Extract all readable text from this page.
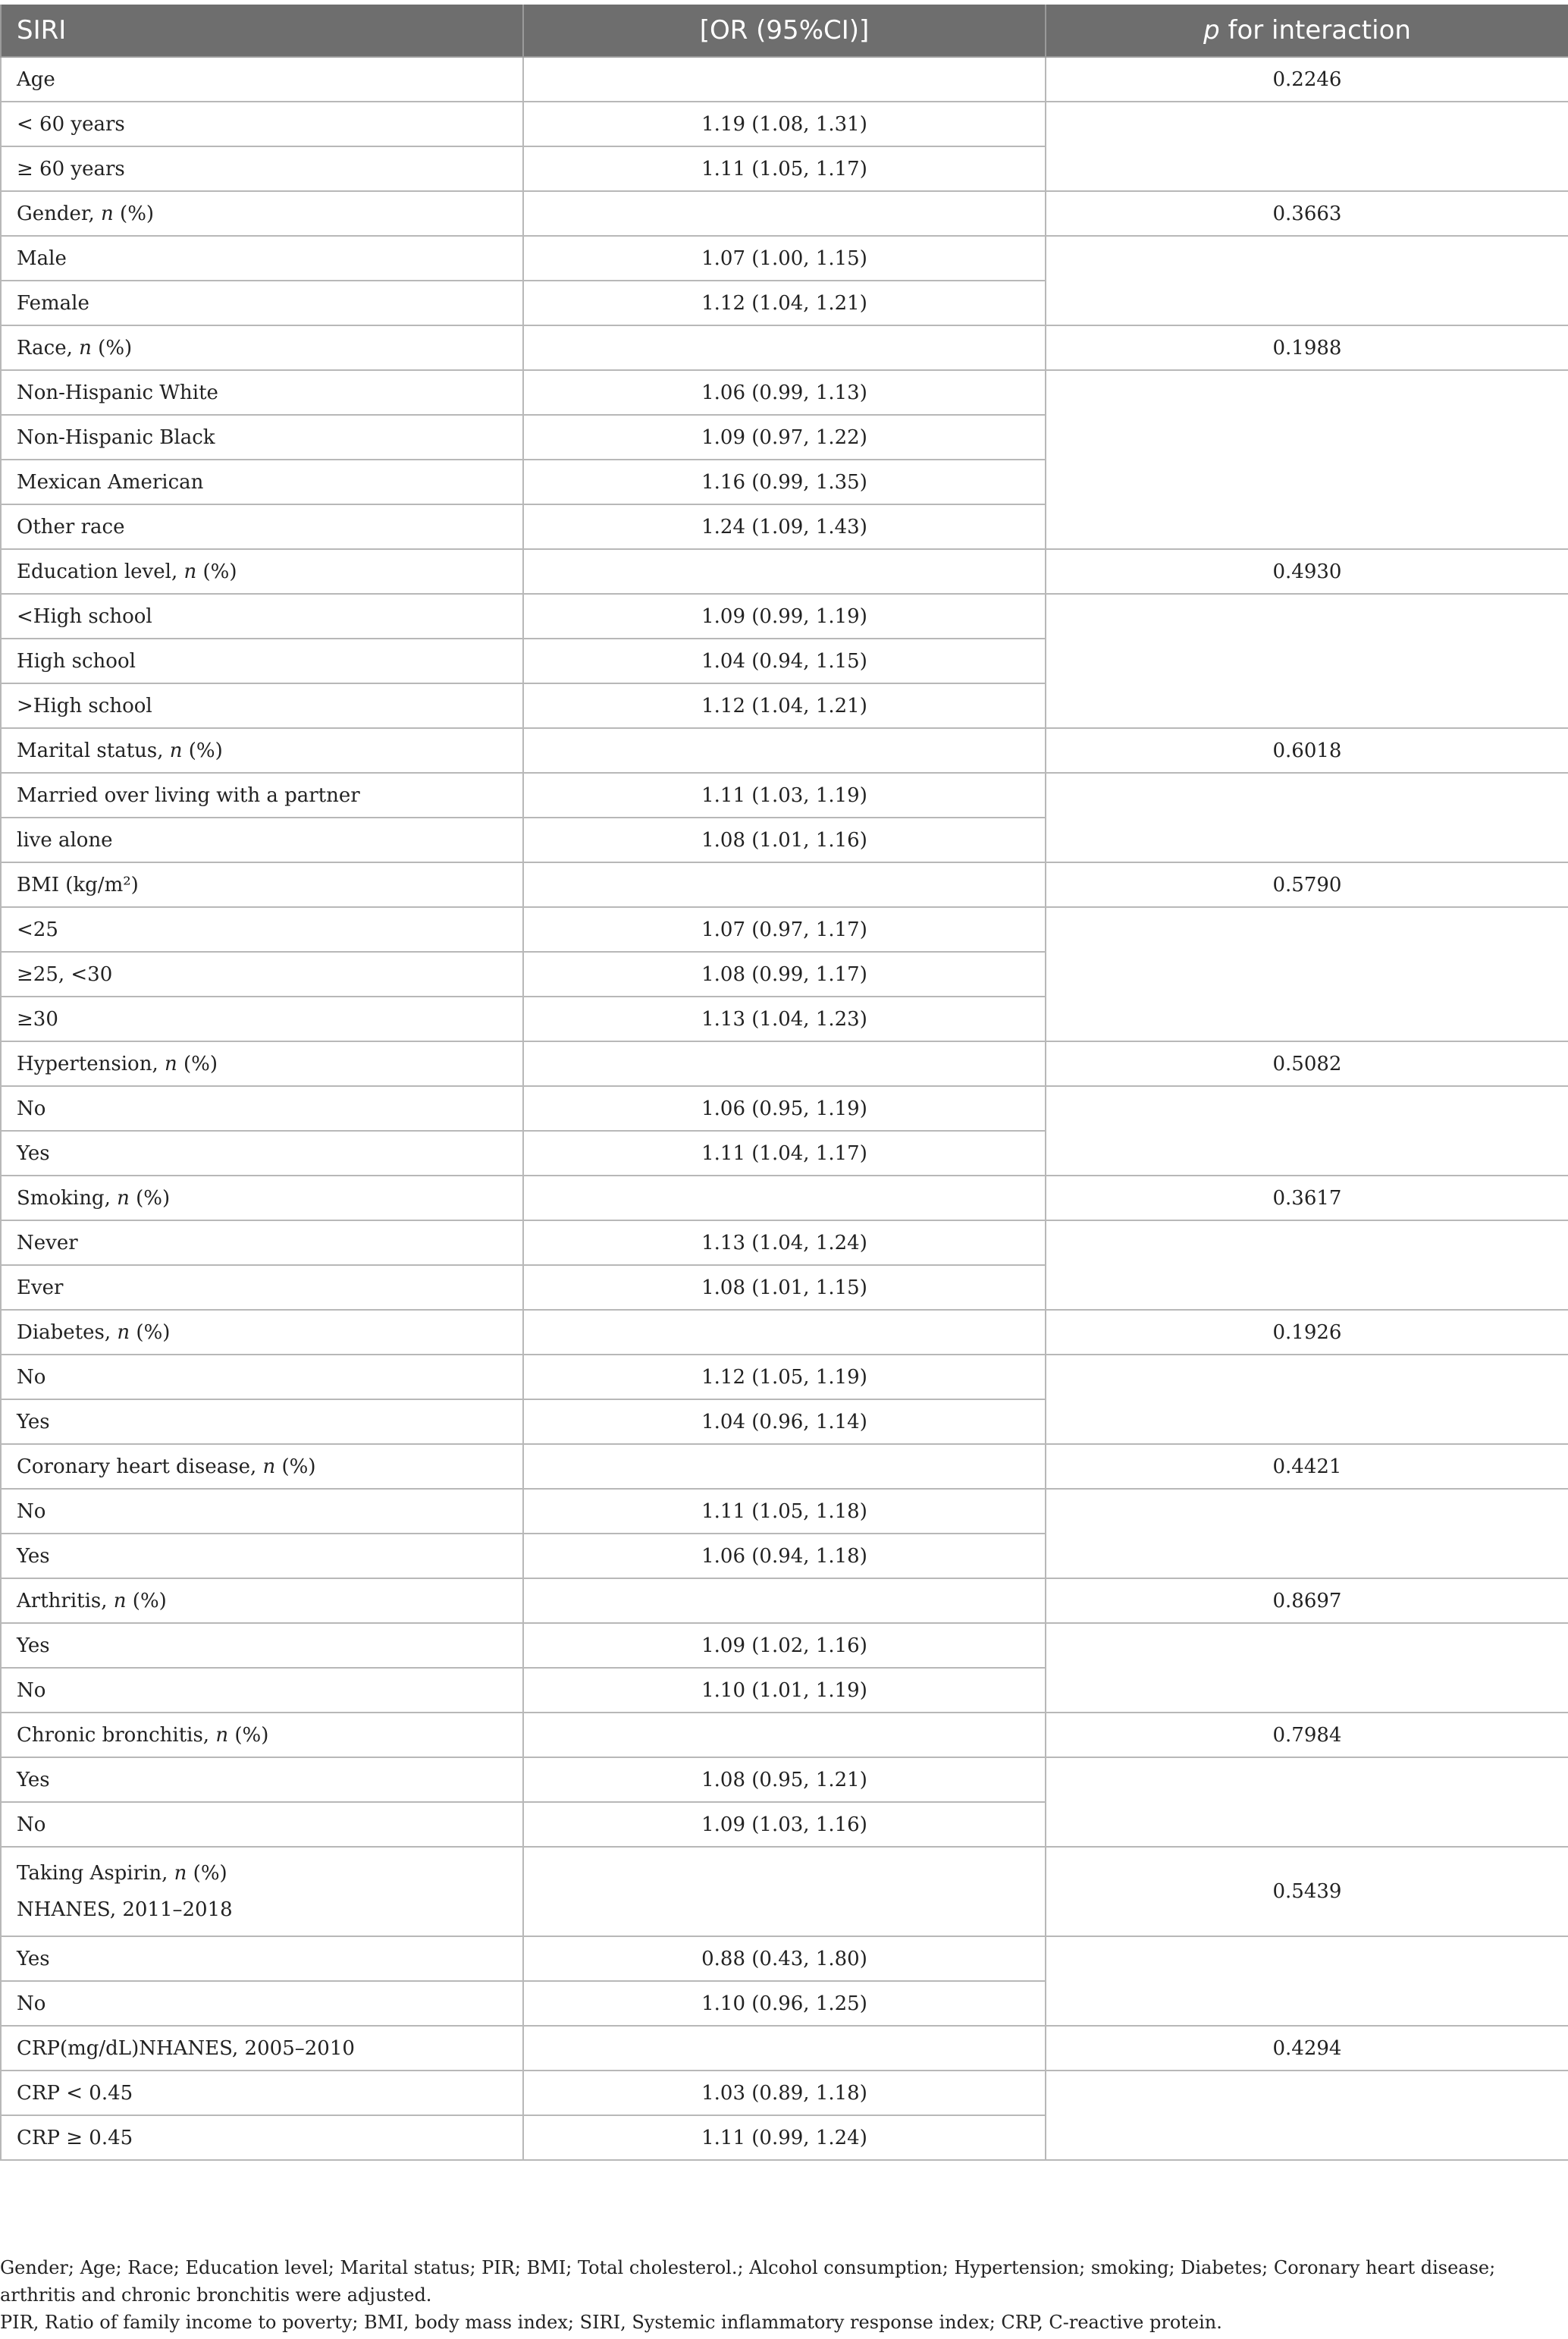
SIRI	[OR (95%CI)]	p for interaction
Age		0.2246
< 60 years	1.19 (1.08, 1.31)	
≥ 60 years	1.11 (1.05, 1.17)	
Gender, n (%)		0.3663
Male	1.07 (1.00, 1.15)	
Female	1.12 (1.04, 1.21)	
Race, n (%)		0.1988
Non-Hispanic White	1.06 (0.99, 1.13)	
Non-Hispanic Black	1.09 (0.97, 1.22)	
Mexican American	1.16 (0.99, 1.35)	
Other race	1.24 (1.09, 1.43)	
Education level, n (%)		0.4930
<High school	1.09 (0.99, 1.19)	
High school	1.04 (0.94, 1.15)	
>High school	1.12 (1.04, 1.21)	
Marital status, n (%)		0.6018
Married over living with a partner	1.11 (1.03, 1.19)	
live alone	1.08 (1.01, 1.16)	
BMI (kg/m²)		0.5790
<25	1.07 (0.97, 1.17)	
≥25, <30	1.08 (0.99, 1.17)	
≥30	1.13 (1.04, 1.23)	
Hypertension, n (%)		0.5082
No	1.06 (0.95, 1.19)	
Yes	1.11 (1.04, 1.17)	
Smoking, n (%)		0.3617
Never	1.13 (1.04, 1.24)	
Ever	1.08 (1.01, 1.15)	
Diabetes, n (%)		0.1926
No	1.12 (1.05, 1.19)	
Yes	1.04 (0.96, 1.14)	
Coronary heart disease, n (%)		0.4421
No	1.11 (1.05, 1.18)	
Yes	1.06 (0.94, 1.18)	
Arthritis, n (%)		0.8697
Yes	1.09 (1.02, 1.16)	
No	1.10 (1.01, 1.19)	
Chronic bronchitis, n (%)		0.7984
Yes	1.08 (0.95, 1.21)	
No	1.09 (1.03, 1.16)	
Taking Aspirin, n (%)
NHANES, 2011–2018		0.5439
Yes	0.88 (0.43, 1.80)	
No	1.10 (0.96, 1.25)	
CRP(mg/dL)NHANES, 2005–2010		0.4294
CRP < 0.45	1.03 (0.89, 1.18)	
CRP ≥ 0.45	1.11 (0.99, 1.24)	

Gender; Age; Race; Education level; Marital status; PIR; BMI; Total cholesterol.; Alcohol consumption; Hypertension; smoking; Diabetes; Coronary heart disease; arthritis and chronic bronchitis were adjusted.

PIR, Ratio of family income to poverty; BMI, body mass index; SIRI, Systemic inflammatory response index; CRP, C-reactive protein.
